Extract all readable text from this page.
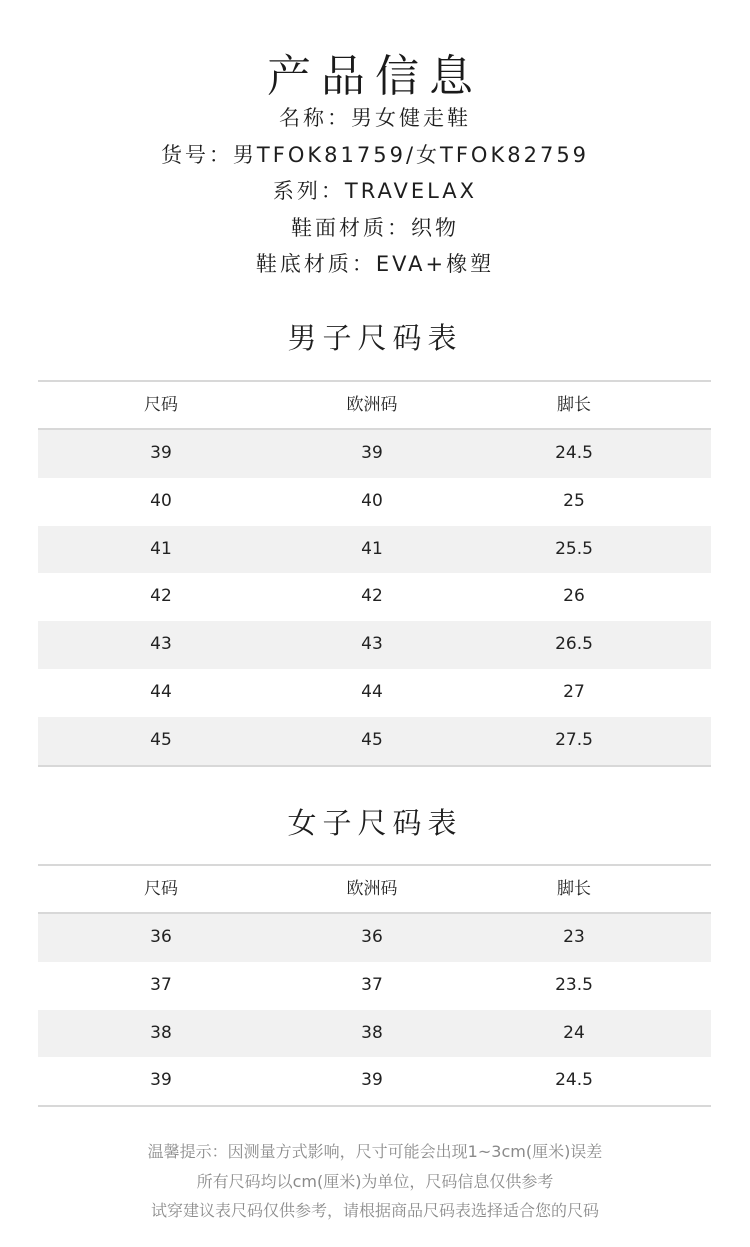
产品信息
名称：男女健走鞋
货号：男TFOK81759/女TFOK82759
系列：TRAVELAX
鞋面材质：织物
鞋底材质：EVA+橡塑
男子尺码表
尺码	欧洲码	脚长
39	39	24.5
40	40	25
41	41	25.5
42	42	26
43	43	26.5
44	44	27
45	45	27.5
女子尺码表
尺码	欧洲码	脚长
36	36	23
37	37	23.5
38	38	24
39	39	24.5
温馨提示：因测量方式影响，尺寸可能会出现1~3cm(厘米)误差
所有尺码均以cm(厘米)为单位，尺码信息仅供参考
试穿建议表尺码仅供参考，请根据商品尺码表选择适合您的尺码
